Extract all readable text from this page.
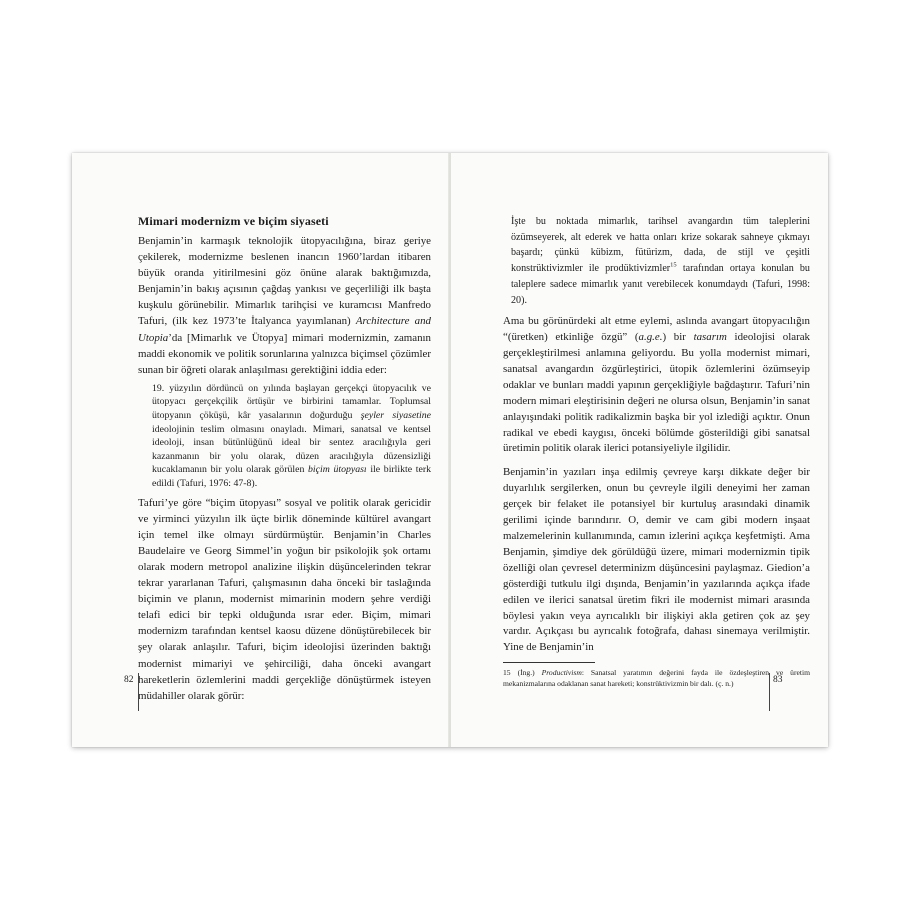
Mimari modernizm ve biçim siyaseti

Benjamin’in karmaşık teknolojik ütopyacılığına, biraz geriye çekilerek, modernizme beslenen inancın 1960’lardan itibaren büyük oranda yitirilmesini göz önüne alarak baktığımızda, Benjamin’in bakış açısının çağdaş yankısı ve geçerliliği ilk başta kuşkulu görünebilir. Mimarlık tarihçisi ve kuramcısı Manfredo Tafuri, (ilk kez 1973’te İtalyanca yayımlanan) Architecture and Utopia’da [Mimarlık ve Ütopya] mimari modernizmin, zamanın maddi ekonomik ve politik sorunlarına yalnızca biçimsel çözümler sunan bir öğreti olarak anlaşılması gerektiğini iddia eder:

19. yüzyılın dördüncü on yılında başlayan gerçekçi ütopyacılık ve ütopyacı gerçekçilik örtüşür ve birbirini tamamlar. Toplumsal ütopyanın çöküşü, kâr yasalarının doğurduğu şeyler siyasetine ideolojinin teslim olmasını onayladı. Mimari, sanatsal ve kentsel ideoloji, insan bütünlüğünü ideal bir sentez aracılığıyla geri kazanmanın bir yolu olarak, düzen aracılığıyla düzensizliği kucaklamanın bir yolu olarak görülen biçim ütopyası ile birlikte terk edildi (Tafuri, 1976: 47-8).

Tafuri’ye göre “biçim ütopyası” sosyal ve politik olarak gericidir ve yirminci yüzyılın ilk üçte birlik döneminde kültürel avangart için temel ilke olmayı sürdürmüştür. Benjamin’in Charles Baudelaire ve Georg Simmel’in yoğun bir psikolojik şok ortamı olarak modern metropol analizine ilişkin düşüncelerinden tekrar tekrar yararlanan Tafuri, çalışmasının daha önceki bir taslağında biçimin ve planın, modernist mimarinin modern şehre verdiği telafi edici bir tepki olduğunda ısrar eder. Biçim, mimari modernizm tarafından kentsel kaosu düzene dönüştürebilecek bir şey olarak anlaşılır. Tafuri, biçim ideolojisi üzerinden baktığı modernist mimariyi ve şehirciliği, daha önceki avangart hareketlerin özlemlerini maddi gerçekliğe dönüştürmek isteyen müdahiller olarak görür:

82
İşte bu noktada mimarlık, tarihsel avangardın tüm taleplerini özümseyerek, alt ederek ve hatta onları krize sokarak sahneye çıkmayı başardı; çünkü kübizm, fütürizm, dada, de stijl ve çeşitli konstrüktivizmler ile prodüktivizmler$^{15}$ tarafından ortaya konulan bu taleplere sadece mimarlık yanıt verebilecek konumdaydı (Tafuri, 1998: 20).

Ama bu görünürdeki alt etme eylemi, aslında avangart ütopyacılığın “(üretken) etkinliğe özgü” (a.g.e.) bir tasarım ideolojisi olarak gerçekleştirilmesi anlamına geliyordu. Bu yolla modernist mimari, sanatsal avangardın özgürleştirici, ütopik özlemlerini özümseyip odaklar ve bunları maddi yapının gerçekliğiyle bağdaştırır. Tafuri’nin modern mimari eleştirisinin değeri ne olursa olsun, Benjamin’in sanat anlayışındaki politik radikalizmin başka bir yol izlediği açıktır. Onun radikal ve ebedi kaygısı, önceki bölümde gösterildiği gibi sanatsal üretimin politik olarak ilerici potansiyeliyle ilgilidir.

Benjamin’in yazıları inşa edilmiş çevreye karşı dikkate değer bir duyarlılık sergilerken, onun bu çevreyle ilgili deneyimi her zaman gerçek bir felaket ile potansiyel bir kurtuluş arasındaki dinamik gerilimi içinde barındırır. O, demir ve cam gibi modern inşaat malzemelerinin kullanımında, camın izlerini açıkça keşfetmişti. Ama Benjamin, şimdiye dek görüldüğü üzere, mimari modernizmin tipik özelliği olan çevresel determinizm düşüncesini paylaşmaz. Giedion’a gösterdiği tutkulu ilgi dışında, Benjamin’in yazılarında açıkça ifade edilen ve ilerici sanatsal üretim fikri ile modernist mimari arasında böylesi yakın veya ayrıcalıklı bir ilişkiyi akla getiren çok az şey vardır. Açıkçası bu ayrıcalık fotoğrafa, dahası sinemaya verilmiştir. Yine de Benjamin’in

15 (İng.) Productivism: Sanatsal yaratımın değerini fayda ile özdeşleştiren ve üretim mekanizmalarına odaklanan sanat hareketi; konstrüktivizmin bir dalı. (ç. n.)	83
